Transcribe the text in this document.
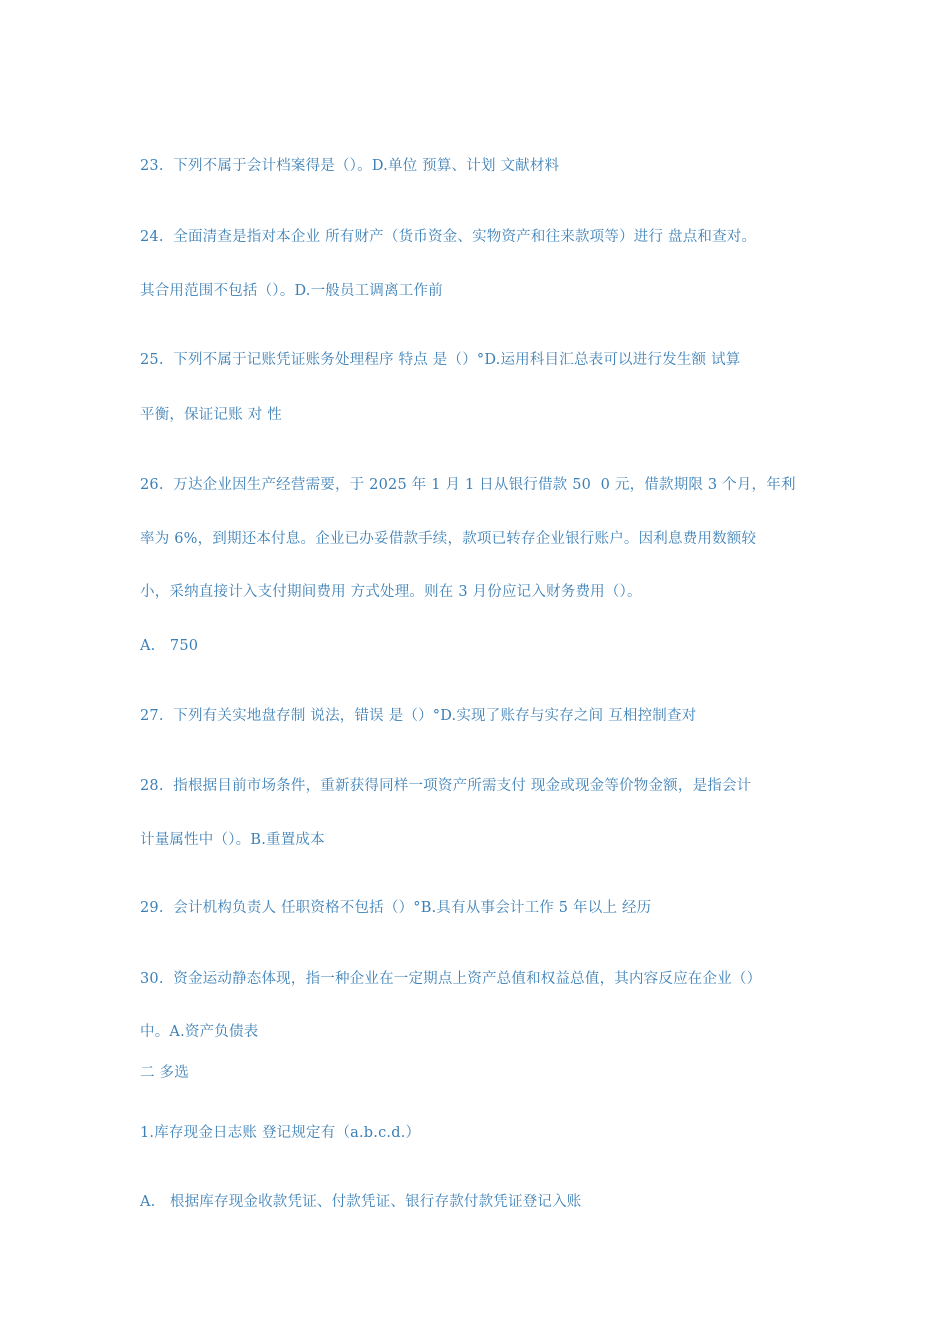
23.  下列不属于会计档案得是（）。D.单位 预算、计划 文献材料
24.  全面清查是指对本企业 所有财产（货币资金、实物资产和往来款项等）进行 盘点和查对。
其合用范围不包括（）。D.一般员工调离工作前
25.  下列不属于记账凭证账务处理程序 特点 是（）°D.运用科目汇总表可以进行发生额 试算
平衡，保证记账 对 性
26.  万达企业因生产经营需要，于 2025 年 1 月 1 日从银行借款 50  0 元，借款期限 3 个月，年利
率为 6%，到期还本付息。企业已办妥借款手续，款项已转存企业银行账户。因利息费用数额较
小，采纳直接计入支付期间费用 方式处理。则在 3 月份应记入财务费用（）。
A.   750
27.  下列有关实地盘存制 说法，错误 是（）°D.实现了账存与实存之间 互相控制查对
28.  指根据目前市场条件，重新获得同样一项资产所需支付 现金或现金等价物金额，是指会计
计量属性中（）。B.重置成本
29.  会计机构负责人 任职资格不包括（）°B.具有从事会计工作 5 年以上 经历
30.  资金运动静态体现，指一种企业在一定期点上资产总值和权益总值，其内容反应在企业（）
中。A.资产负债表
二 多选
1.库存现金日志账 登记规定有（a.b.c.d.）
A.   根据库存现金收款凭证、付款凭证、银行存款付款凭证登记入账
